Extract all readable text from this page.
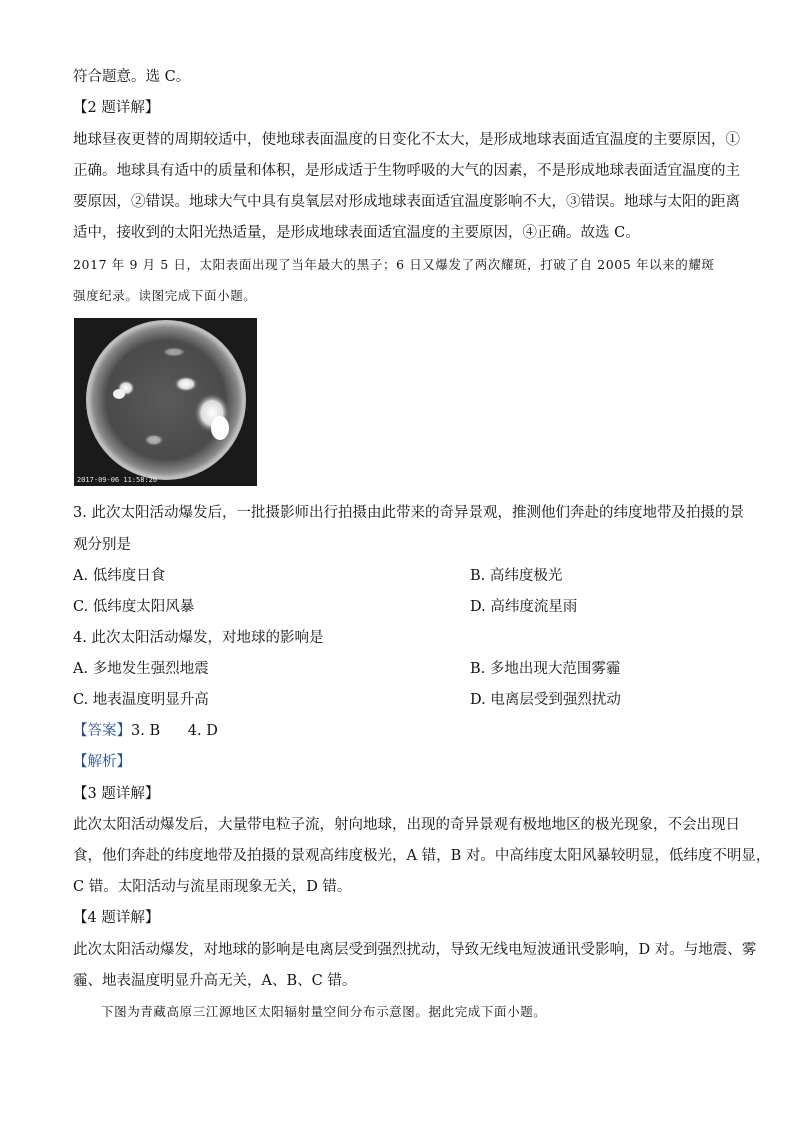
符合题意。选 C。
【2 题详解】
地球昼夜更替的周期较适中，使地球表面温度的日变化不太大，是形成地球表面适宜温度的主要原因，①
正确。地球具有适中的质量和体积，是形成适于生物呼吸的大气的因素，不是形成地球表面适宜温度的主
要原因，②错误。地球大气中具有臭氧层对形成地球表面适宜温度影响不大，③错误。地球与太阳的距离
适中，接收到的太阳光热适量，是形成地球表面适宜温度的主要原因，④正确。故选 C。
2017 年 9 月 5 日，太阳表面出现了当年最大的黑子；6 日又爆发了两次耀斑，打破了自 2005 年以来的耀斑
强度纪录。读图完成下面小题。
2017-09-06 11:58:20
3. 此次太阳活动爆发后，一批摄影师出行拍摄由此带来的奇异景观，推测他们奔赴的纬度地带及拍摄的景
观分别是
A. 低纬度日食	B. 高纬度极光
C. 低纬度太阳风暴	D. 高纬度流星雨
4. 此次太阳活动爆发，对地球的影响是
A. 多地发生强烈地震	B. 多地出现大范围雾霾
C. 地表温度明显升高	D. 电离层受到强烈扰动
【答案】3. B      4. D
【解析】
【3 题详解】
此次太阳活动爆发后，大量带电粒子流，射向地球，出现的奇异景观有极地地区的极光现象，不会出现日
食，他们奔赴的纬度地带及拍摄的景观高纬度极光，A 错，B 对。中高纬度太阳风暴较明显，低纬度不明显，
C 错。太阳活动与流星雨现象无关，D 错。
【4 题详解】
此次太阳活动爆发，对地球的影响是电离层受到强烈扰动，导致无线电短波通讯受影响，D 对。与地震、雾
霾、地表温度明显升高无关，A、B、C 错。
下图为青藏高原三江源地区太阳辐射量空间分布示意图。据此完成下面小题。
